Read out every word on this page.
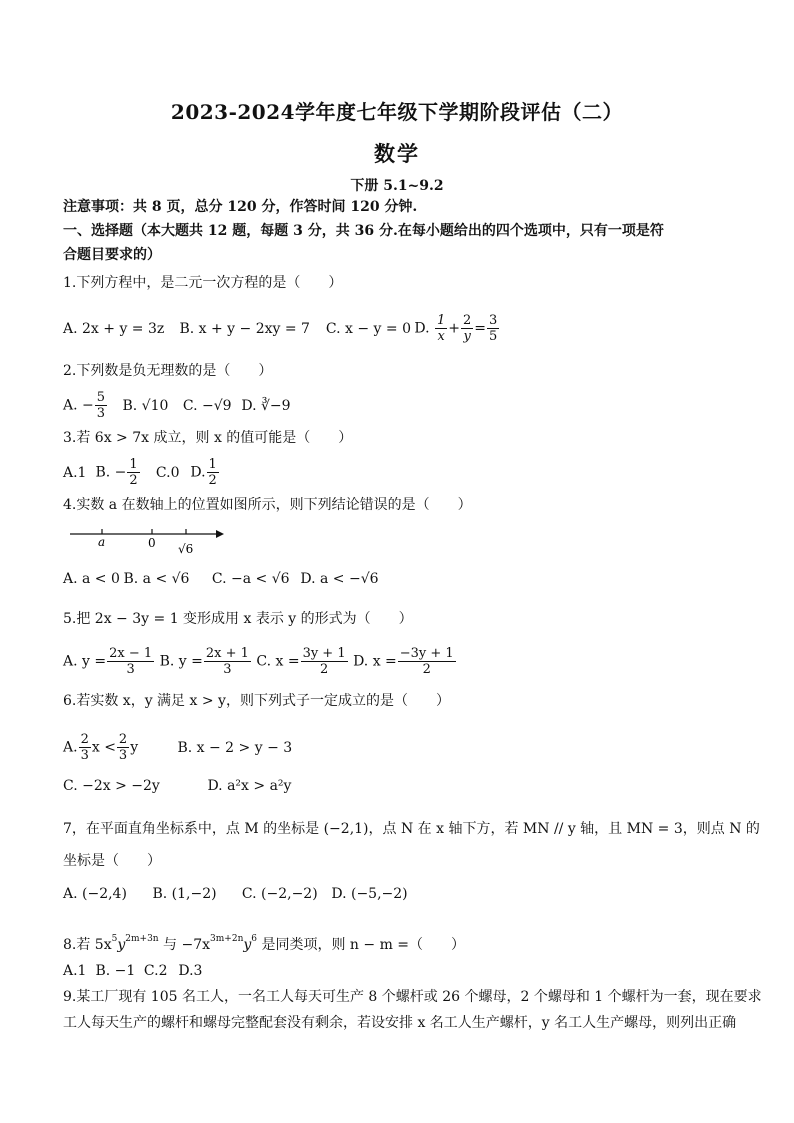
2023-2024学年度七年级下学期阶段评估（二）
数学
下册 5.1~9.2
注意事项：共 8 页，总分 120 分，作答时间 120 分钟.
一、选择题（本大题共 12 题，每题 3 分，共 36 分.在每小题给出的四个选项中，只有一项是符
合题目要求的）
1.下列方程中，是二元一次方程的是（　　）
A. 2x + y = 3z B. x + y − 2xy = 7 C. x − y = 0 D. $\frac{1}{x} + \frac{2}{y} = \frac{3}{5}$
2.下列数是负无理数的是（　　）
A. − $\frac{5}{3} B$. √10 C. −√9 D. ∛−9
3.若 6x > 7x 成立，则 x 的值可能是（　　）
A.1 B. − $\frac{1}{2} C.0$ D. $\frac{1}{2}$
4.实数 a 在数轴上的位置如图所示，则下列结论错误的是（　　）
a	0 √6
A. a < 0 B. a < √6 C. −a < √6 D. a < −√6
5.把 2x − 3y = 1 变形成用 x 表示 y 的形式为（　　）
A. $y = \frac{2x - 1}{3} B$. $y = \frac{2x + 1}{3} C$. $x = \frac{3y + 1}{2} D$. $x = \frac{-3y + 1}{2}$
6.若实数 x，y 满足 x > y，则下列式子一定成立的是（　　）
A. $\frac{2}{3}$ $x < \frac{2}{3}$ y	B. x − 2 > y − 3
C. −2x > −2y	D. a²x > a²y
7，在平面直角坐标系中，点 M 的坐标是 (−2,1)，点 N 在 x 轴下方，若 MN // y 轴，且 MN = 3，则点 N 的
坐标是（　　）
A. (−2,4) B. (1,−2) C. (−2,−2) D. (−5,−2)
8.若 $5x^5y^{2m+3n}$ 与 $-7x^{3m+2n}y^6$ 是同类项，则 n − m =（　　）
A.1 B. −1 C.2 D.3
9.某工厂现有 105 名工人，一名工人每天可生产 8 个螺杆或 26 个螺母，2 个螺母和 1 个螺杆为一套，现在要求
工人每天生产的螺杆和螺母完整配套没有剩余，若设安排 x 名工人生产螺杆，y 名工人生产螺母，则列出正确
